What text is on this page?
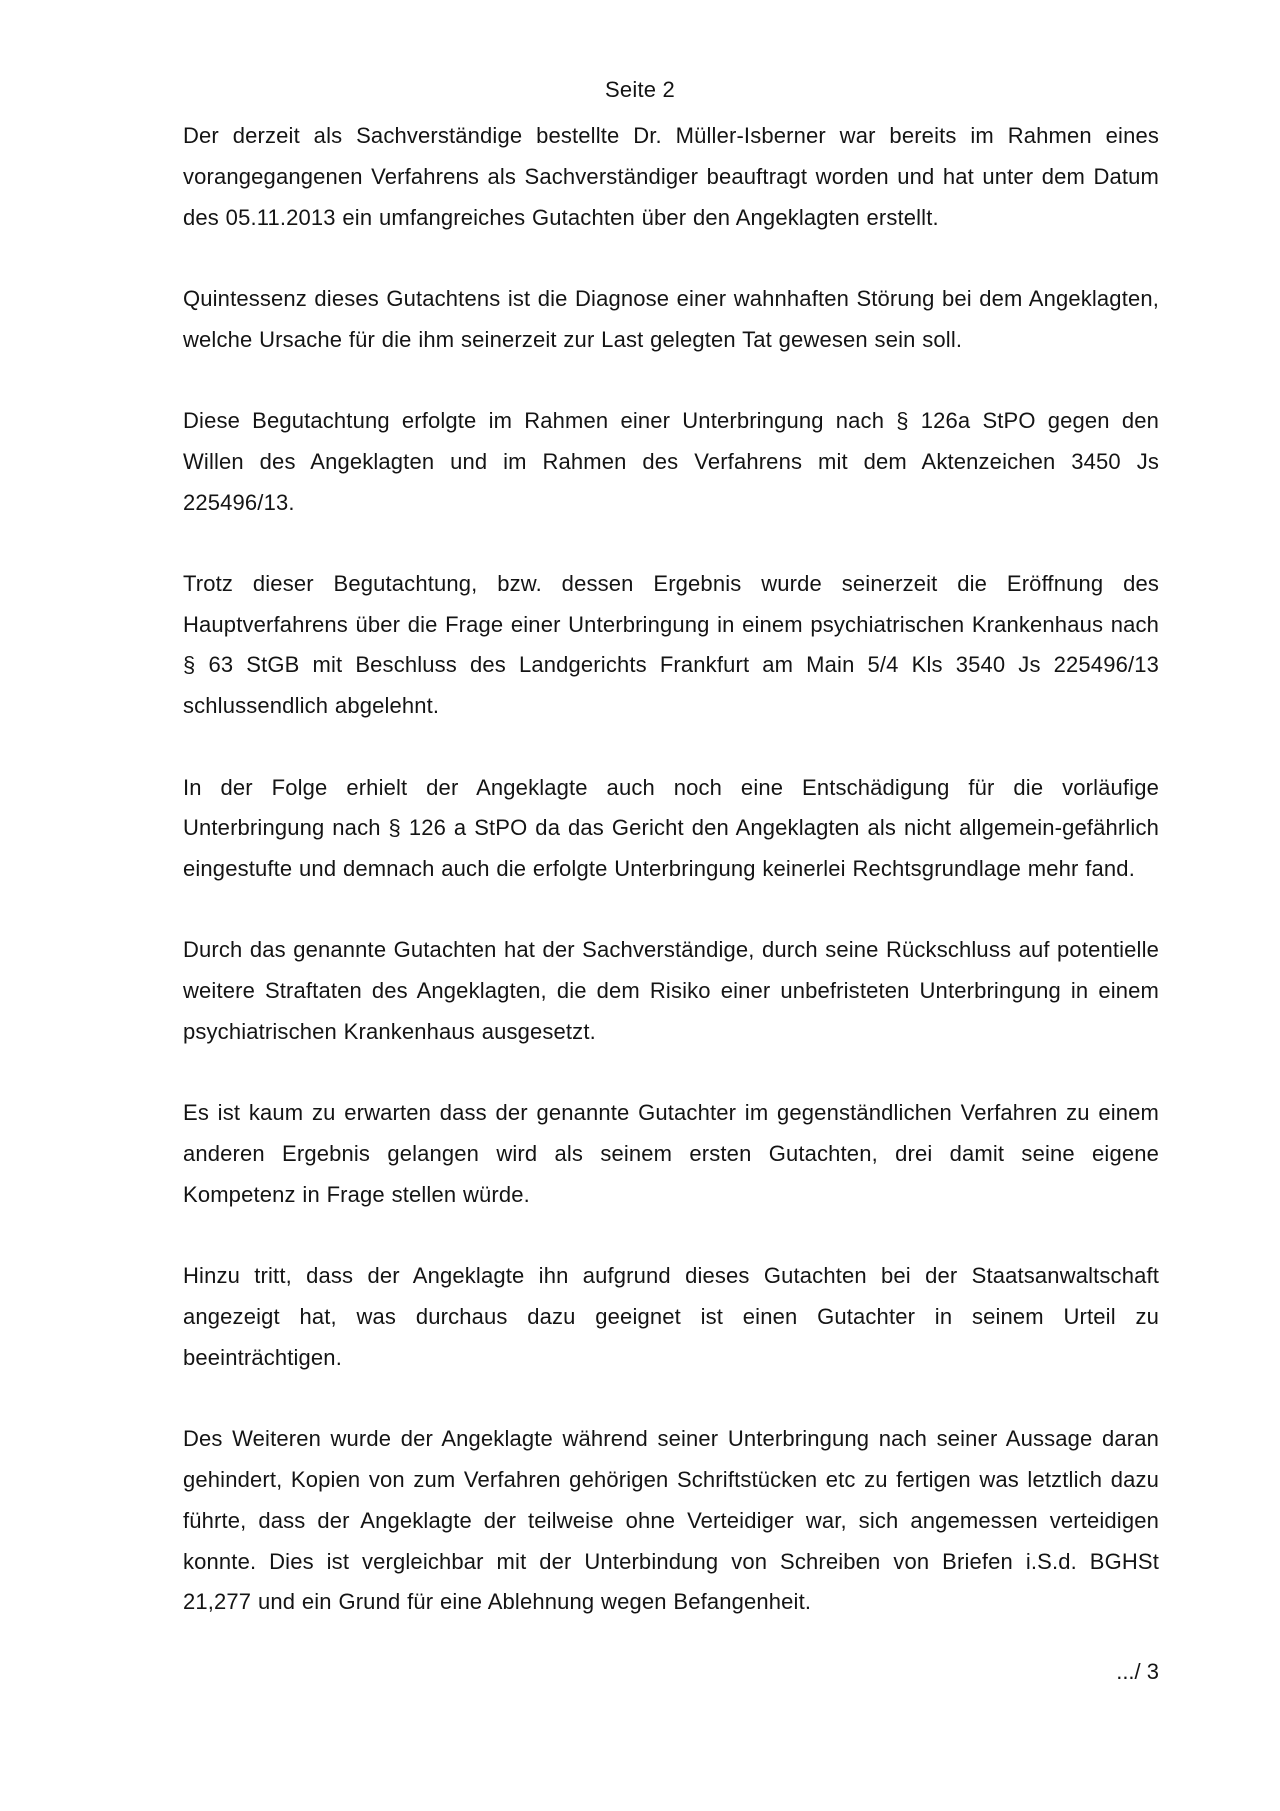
Seite 2

Der derzeit als Sachverständige bestellte Dr. Müller-Isberner war bereits im Rahmen eines vorangegangenen Verfahrens als Sachverständiger beauftragt worden und hat unter dem Datum des 05.11.2013 ein umfangreiches Gutachten über den Angeklagten erstellt.

Quintessenz dieses Gutachtens ist die Diagnose einer wahnhaften Störung bei dem Angeklagten, welche Ursache für die ihm seinerzeit zur Last gelegten Tat gewesen sein soll.

Diese Begutachtung erfolgte im Rahmen einer Unterbringung nach § 126a StPO gegen den Willen des Angeklagten und im Rahmen des Verfahrens mit dem Aktenzeichen 3450 Js 225496/13.

Trotz dieser Begutachtung, bzw. dessen Ergebnis wurde seinerzeit die Eröffnung des Hauptverfahrens über die Frage einer Unterbringung in einem psychiatrischen Krankenhaus nach § 63 StGB mit Beschluss des Landgerichts Frankfurt am Main 5/4 Kls 3540 Js 225496/13 schlussendlich abgelehnt.

In der Folge erhielt der Angeklagte auch noch eine Entschädigung für die vorläufige Unterbringung nach § 126 a StPO da das Gericht den Angeklagten als nicht allgemein-gefährlich eingestufte und demnach auch die erfolgte Unterbringung keinerlei Rechtsgrundlage mehr fand.

Durch das genannte Gutachten hat der Sachverständige, durch seine Rückschluss auf potentielle weitere Straftaten des Angeklagten, die dem Risiko einer unbefristeten Unterbringung in einem psychiatrischen Krankenhaus ausgesetzt.

Es ist kaum zu erwarten dass der genannte Gutachter im gegenständlichen Verfahren zu einem anderen Ergebnis gelangen wird als seinem ersten Gutachten, drei damit seine eigene Kompetenz in Frage stellen würde.

Hinzu tritt, dass der Angeklagte ihn aufgrund dieses Gutachten bei der Staatsanwaltschaft angezeigt hat, was durchaus dazu geeignet ist einen Gutachter in seinem Urteil zu beeinträchtigen.

Des Weiteren wurde der Angeklagte während seiner Unterbringung nach seiner Aussage daran gehindert, Kopien von zum Verfahren gehörigen Schriftstücken etc zu fertigen was letztlich dazu führte, dass der Angeklagte der teilweise ohne Verteidiger war, sich angemessen verteidigen konnte. Dies ist vergleichbar mit der Unterbindung von Schreiben von Briefen i.S.d. BGHSt 21,277 und ein Grund für eine Ablehnung wegen Befangenheit.

.../ 3
